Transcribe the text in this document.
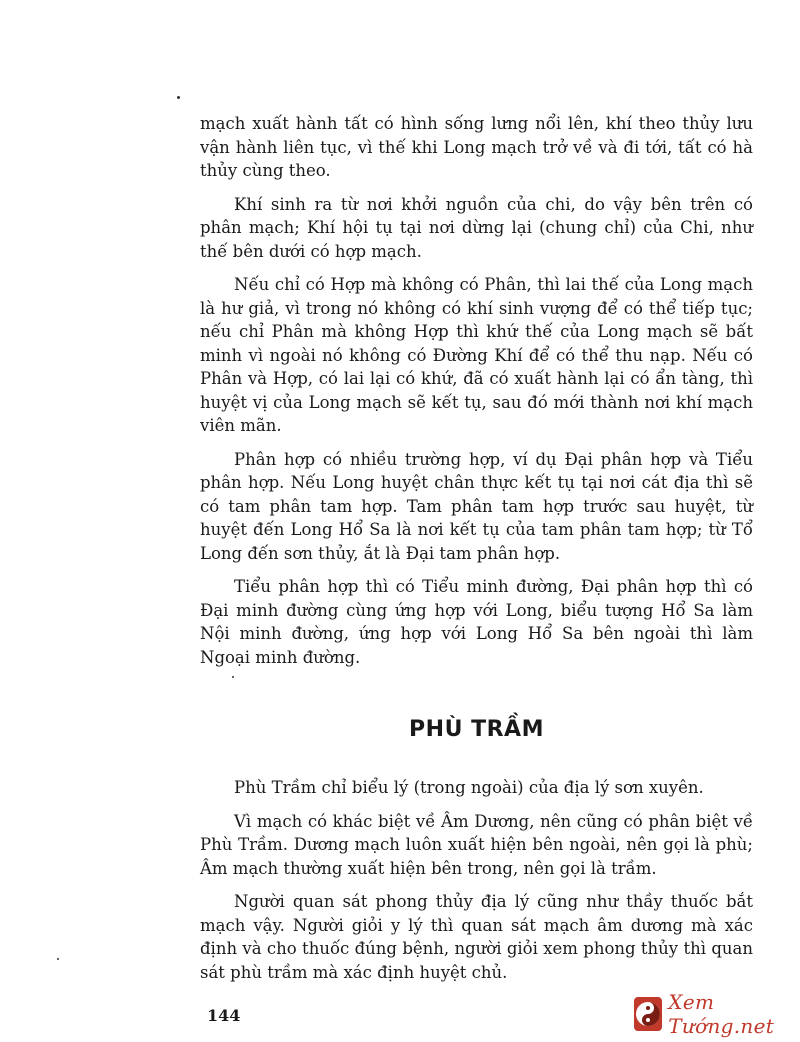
mạch xuất hành tất có hình sống lưng nổi lên, khí theo thủy lưu vận hành liên tục, vì thế khi Long mạch trở về và đi tới, tất có hà thủy cùng theo.

Khí sinh ra từ nơi khởi nguồn của chi, do vậy bên trên có phân mạch; Khí hội tụ tại nơi dừng lại (chung chỉ) của Chi, như thế bên dưới có hợp mạch.

Nếu chỉ có Hợp mà không có Phân, thì lai thế của Long mạch là hư giả, vì trong nó không có khí sinh vượng để có thể tiếp tục; nếu chỉ Phân mà không Hợp thì khứ thế của Long mạch sẽ bất minh vì ngoài nó không có Đường Khí để có thể thu nạp. Nếu có Phân và Hợp, có lai lại có khứ, đã có xuất hành lại có ẩn tàng, thì huyệt vị của Long mạch sẽ kết tụ, sau đó mới thành nơi khí mạch viên mãn.

Phân hợp có nhiều trường hợp, ví dụ Đại phân hợp và Tiểu phân hợp. Nếu Long huyệt chân thực kết tụ tại nơi cát địa thì sẽ có tam phân tam hợp. Tam phân tam hợp trước sau huyệt, từ huyệt đến Long Hổ Sa là nơi kết tụ của tam phân tam hợp; từ Tổ Long đến sơn thủy, ắt là Đại tam phân hợp.

Tiểu phân hợp thì có Tiểu minh đường, Đại phân hợp thì có Đại minh đường cùng ứng hợp với Long, biểu tượng Hổ Sa làm Nội minh đường, ứng hợp với Long Hổ Sa bên ngoài thì làm Ngoại minh đường.

PHÙ TRẦM

Phù Trầm chỉ biểu lý (trong ngoài) của địa lý sơn xuyên.

Vì mạch có khác biệt về Âm Dương, nên cũng có phân biệt về Phù Trầm. Dương mạch luôn xuất hiện bên ngoài, nên gọi là phù; Âm mạch thường xuất hiện bên trong, nên gọi là trầm.

Người quan sát phong thủy địa lý cũng như thầy thuốc bắt mạch vậy. Người giỏi y lý thì quan sát mạch âm dương mà xác định và cho thuốc đúng bệnh, người giỏi xem phong thủy thì quan sát phù trầm mà xác định huyệt chủ.

144
Xem Tướng.net
